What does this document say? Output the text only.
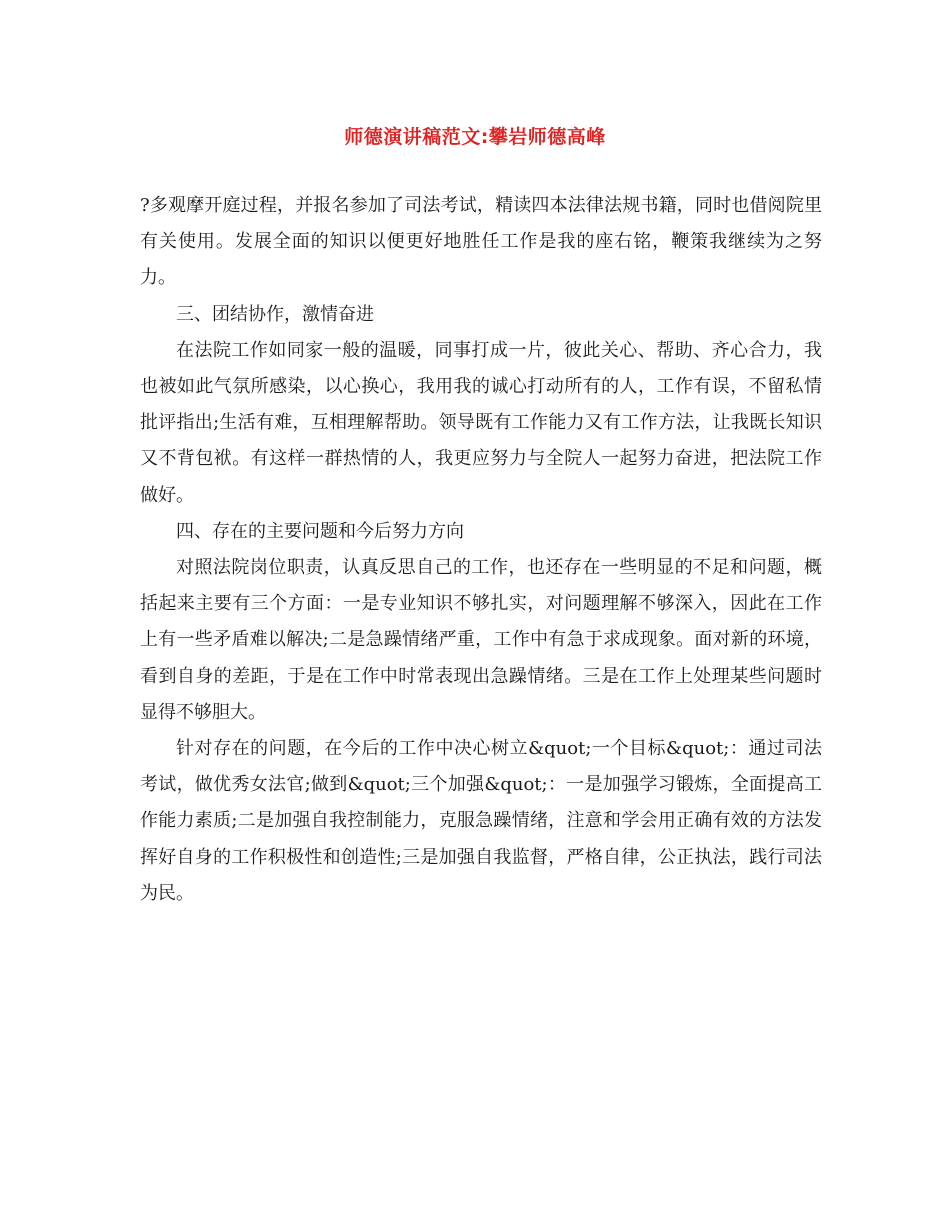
师德演讲稿范文:攀岩师德高峰

?多观摩开庭过程，并报名参加了司法考试，精读四本法律法规书籍，同时也借阅院里有关使用。发展全面的知识以便更好地胜任工作是我的座右铭，鞭策我继续为之努力。

三、团结协作，激情奋进

在法院工作如同家一般的温暖，同事打成一片，彼此关心、帮助、齐心合力，我也被如此气氛所感染，以心换心，我用我的诚心打动所有的人，工作有误，不留私情批评指出;生活有难，互相理解帮助。领导既有工作能力又有工作方法，让我既长知识又不背包袱。有这样一群热情的人，我更应努力与全院人一起努力奋进，把法院工作做好。

四、存在的主要问题和今后努力方向

对照法院岗位职责，认真反思自己的工作，也还存在一些明显的不足和问题，概括起来主要有三个方面：一是专业知识不够扎实，对问题理解不够深入，因此在工作上有一些矛盾难以解决;二是急躁情绪严重，工作中有急于求成现象。面对新的环境，看到自身的差距，于是在工作中时常表现出急躁情绪。三是在工作上处理某些问题时显得不够胆大。

针对存在的问题，在今后的工作中决心树立&quot;一个目标&quot;：通过司法考试，做优秀女法官;做到&quot;三个加强&quot;：一是加强学习锻炼，全面提高工作能力素质;二是加强自我控制能力，克服急躁情绪，注意和学会用正确有效的方法发挥好自身的工作积极性和创造性;三是加强自我监督，严格自律，公正执法，践行司法为民。
